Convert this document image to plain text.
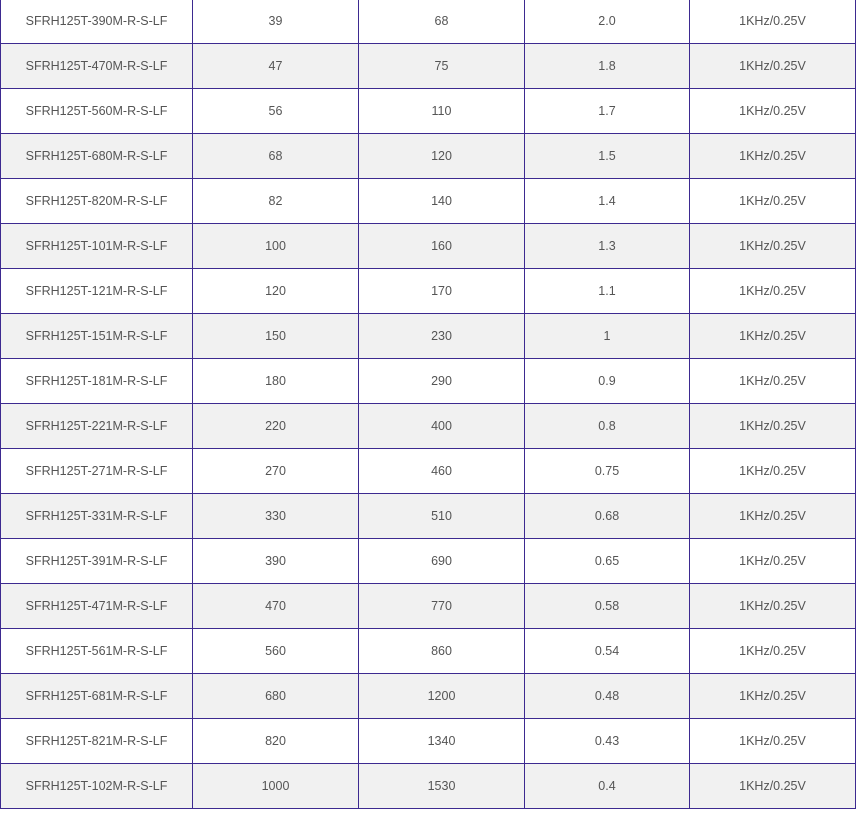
SFRH125T-390M-R-S-LF	39	68	2.0	1KHz/0.25V
SFRH125T-470M-R-S-LF	47	75	1.8	1KHz/0.25V
SFRH125T-560M-R-S-LF	56	110	1.7	1KHz/0.25V
SFRH125T-680M-R-S-LF	68	120	1.5	1KHz/0.25V
SFRH125T-820M-R-S-LF	82	140	1.4	1KHz/0.25V
SFRH125T-101M-R-S-LF	100	160	1.3	1KHz/0.25V
SFRH125T-121M-R-S-LF	120	170	1.1	1KHz/0.25V
SFRH125T-151M-R-S-LF	150	230	1	1KHz/0.25V
SFRH125T-181M-R-S-LF	180	290	0.9	1KHz/0.25V
SFRH125T-221M-R-S-LF	220	400	0.8	1KHz/0.25V
SFRH125T-271M-R-S-LF	270	460	0.75	1KHz/0.25V
SFRH125T-331M-R-S-LF	330	510	0.68	1KHz/0.25V
SFRH125T-391M-R-S-LF	390	690	0.65	1KHz/0.25V
SFRH125T-471M-R-S-LF	470	770	0.58	1KHz/0.25V
SFRH125T-561M-R-S-LF	560	860	0.54	1KHz/0.25V
SFRH125T-681M-R-S-LF	680	1200	0.48	1KHz/0.25V
SFRH125T-821M-R-S-LF	820	1340	0.43	1KHz/0.25V
SFRH125T-102M-R-S-LF	1000	1530	0.4	1KHz/0.25V
